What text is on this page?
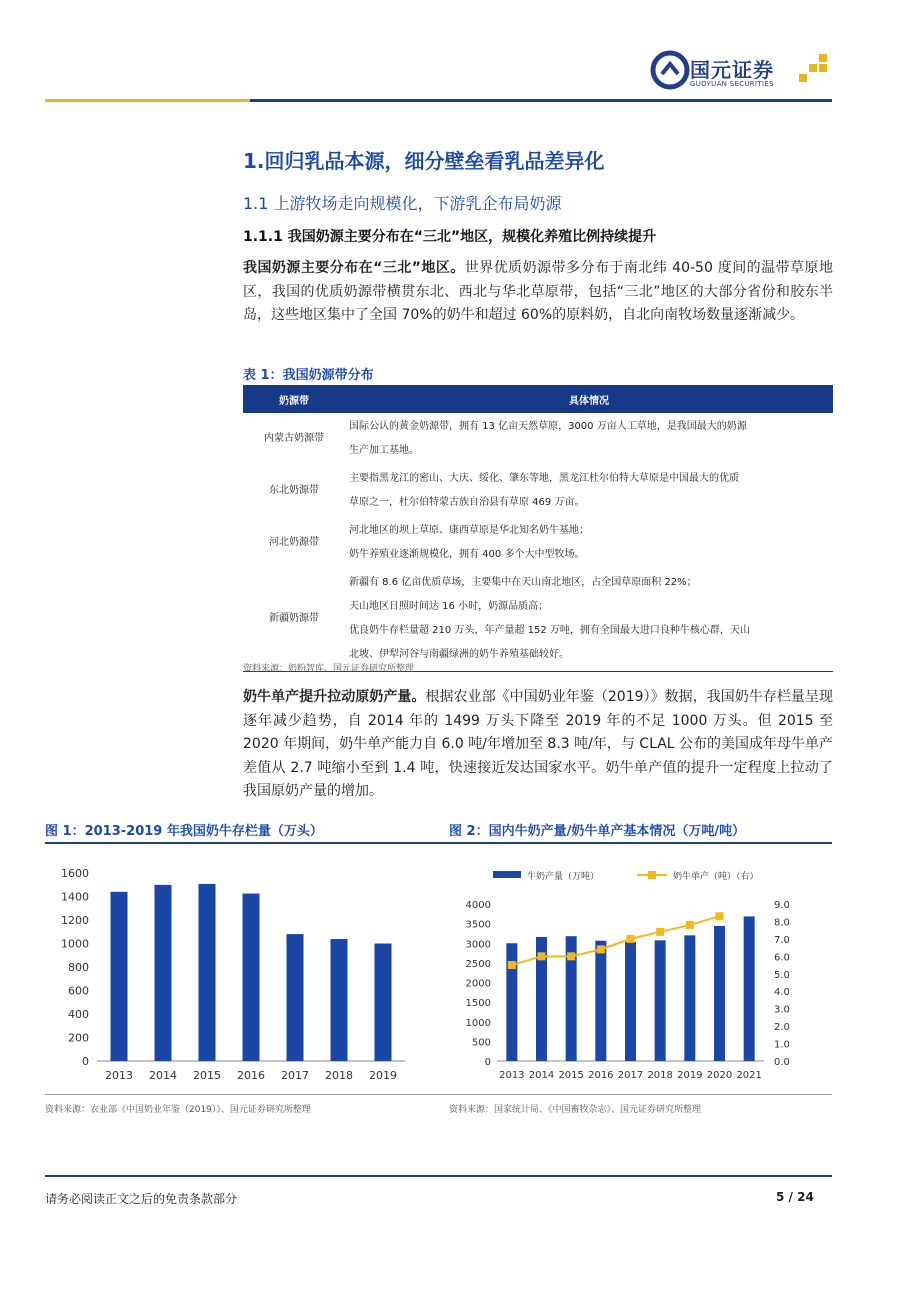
国元证券
GUOYUAN SECURITIES
1.回归乳品本源，细分壁垒看乳品差异化
1.1 上游牧场走向规模化，下游乳企布局奶源
1.1.1 我国奶源主要分布在“三北”地区，规模化养殖比例持续提升
我国奶源主要分布在“三北”地区。世界优质奶源带多分布于南北纬 40-50 度间的温带草原地区，我国的优质奶源带横贯东北、西北与华北草原带，包括“三北”地区的大部分省份和胶东半岛，这些地区集中了全国 70%的奶牛和超过 60%的原料奶，自北向南牧场数量逐渐减少。
表 1：我国奶源带分布
奶源带	具体情况
内蒙古奶源带	国际公认的黄金奶源带，拥有 13 亿亩天然草原，3000 万亩人工草地，是我国最大的奶源
生产加工基地。

东北奶源带	主要指黑龙江的密山、大庆、绥化、肇东等地，黑龙江杜尔伯特大草原是中国最大的优质
草原之一，杜尔伯特蒙古族自治县有草原 469 万亩。

河北奶源带	河北地区的坝上草原、康西草原是华北知名奶牛基地；
奶牛养殖业逐渐规模化，拥有 400 多个大中型牧场。

新疆奶源带	新疆有 8.6 亿亩优质草场，主要集中在天山南北地区，占全国草原面积 22%；
天山地区日照时间达 16 小时，奶源品质高；
优良奶牛存栏量超 210 万头，年产量超 152 万吨，拥有全国最大进口良种牛核心群，天山
北坡、伊犁河谷与南疆绿洲的奶牛养殖基础较好。
资料来源：奶粉智库、国元证券研究所整理
奶牛单产提升拉动原奶产量。根据农业部《中国奶业年鉴（2019）》数据，我国奶牛存栏量呈现逐年减少趋势，自 2014 年的 1499 万头下降至 2019 年的不足 1000 万头。但 2015 至 2020 年期间，奶牛单产能力自 6.0 吨/年增加至 8.3 吨/年，与 CLAL 公布的美国成年母牛单产差值从 2.7 吨缩小至到 1.4 吨，快速接近发达国家水平。奶牛单产值的提升一定程度上拉动了我国原奶产量的增加。
图 1：2013-2019 年我国奶牛存栏量（万头）	图 2：国内牛奶产量/奶牛单产基本情况（万吨/吨）
0
200
400
600
800
1000
1200
1400
1600
2013 2014 2015 2016 2017 2018 2019
牛奶产量（万吨）	奶牛单产（吨）（右）
0
500
1000
1500
2000
2500
3000
3500
4000
0.0
1.0
2.0
3.0
4.0
5.0
6.0
7.0
8.0
9.0
2013 2014 2015 2016 2017 2018 2019 2020 2021
资料来源：农业部《中国奶业年鉴（2019）》、国元证券研究所整理	资料来源：国家统计局、《中国畜牧杂志》、国元证券研究所整理
请务必阅读正文之后的免责条款部分	5 / 24
